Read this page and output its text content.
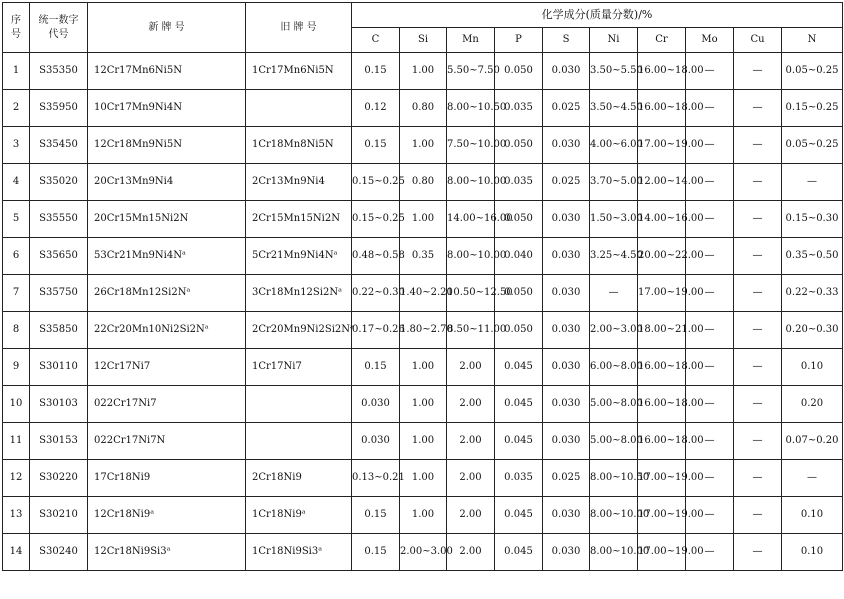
序号	统一数字代号	新 牌 号	旧 牌 号	化学成分(质量分数)/%									
				C	Si	Mn	P	S	Ni	Cr	Mo	Cu	N
1	S35350	12Cr17Mn6Ni5N	1Cr17Mn6Ni5N	0.15	1.00	5.50~7.50	0.050	0.030	3.50~5.50	16.00~18.00	—	—	0.05~0.25
2	S35950	10Cr17Mn9Ni4N		0.12	0.80	8.00~10.50	0.035	0.025	3.50~4.50	16.00~18.00	—	—	0.15~0.25
3	S35450	12Cr18Mn9Ni5N	1Cr18Mn8Ni5N	0.15	1.00	7.50~10.00	0.050	0.030	4.00~6.00	17.00~19.00	—	—	0.05~0.25
4	S35020	20Cr13Mn9Ni4	2Cr13Mn9Ni4	0.15~0.25	0.80	8.00~10.00	0.035	0.025	3.70~5.00	12.00~14.00	—	—	—
5	S35550	20Cr15Mn15Ni2N	2Cr15Mn15Ni2N	0.15~0.25	1.00	14.00~16.00	0.050	0.030	1.50~3.00	14.00~16.00	—	—	0.15~0.30
6	S35650	53Cr21Mn9Ni4Nᵃ	5Cr21Mn9Ni4Nᵃ	0.48~0.58	0.35	8.00~10.00	0.040	0.030	3.25~4.50	20.00~22.00	—	—	0.35~0.50
7	S35750	26Cr18Mn12Si2Nᵃ	3Cr18Mn12Si2Nᵃ	0.22~0.30	1.40~2.20	10.50~12.50	0.050	0.030	—	17.00~19.00	—	—	0.22~0.33
8	S35850	22Cr20Mn10Ni2Si2Nᵃ	2Cr20Mn9Ni2Si2Nᵃ	0.17~0.26	1.80~2.70	8.50~11.00	0.050	0.030	2.00~3.00	18.00~21.00	—	—	0.20~0.30
9	S30110	12Cr17Ni7	1Cr17Ni7	0.15	1.00	2.00	0.045	0.030	6.00~8.00	16.00~18.00	—	—	0.10
10	S30103	022Cr17Ni7		0.030	1.00	2.00	0.045	0.030	5.00~8.00	16.00~18.00	—	—	0.20
11	S30153	022Cr17Ni7N		0.030	1.00	2.00	0.045	0.030	5.00~8.00	16.00~18.00	—	—	0.07~0.20
12	S30220	17Cr18Ni9	2Cr18Ni9	0.13~0.21	1.00	2.00	0.035	0.025	8.00~10.50	17.00~19.00	—	—	—
13	S30210	12Cr18Ni9ᵃ	1Cr18Ni9ᵃ	0.15	1.00	2.00	0.045	0.030	8.00~10.00	17.00~19.00	—	—	0.10
14	S30240	12Cr18Ni9Si3ᵃ	1Cr18Ni9Si3ᵃ	0.15	2.00~3.00	2.00	0.045	0.030	8.00~10.00	17.00~19.00	—	—	0.10
